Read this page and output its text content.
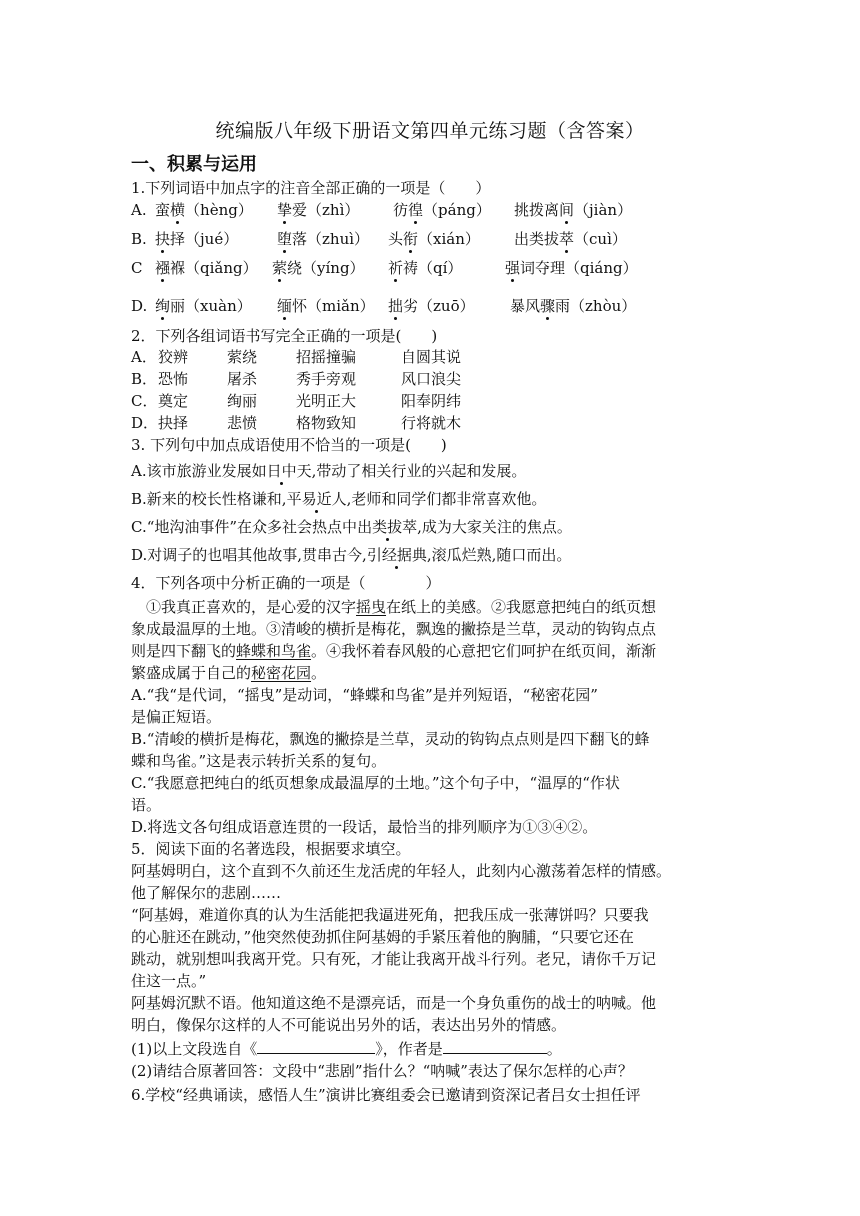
统编版八年级下册语文第四单元练习题（含答案）
一、积累与运用
1.下列词语中加点字的注音全部正确的一项是（　　）
A. 蛮横（hèng） 挚爱（zhì） 彷徨（páng） 挑拨离间（jiàn）
B. 抉择（jué）	堕落（zhuì） 头衔（xián） 出类拔萃（cuì）
C 襁褓（qiǎng） 萦绕（yíng） 祈祷（qí）	强词夺理（qiáng）
D. 绚丽（xuàn） 缅怀（miǎn） 拙劣（zuō） 暴风骤雨（zhòu）
2．下列各组词语书写完全正确的一项是(　　)
A． 狡辨	萦绕	招摇撞骗	自圆其说
B． 恐怖	屠杀	秀手旁观	风口浪尖
C． 奠定	绚丽	光明正大	阳奉阴纬
D． 抉择	悲愤	格物致知	行将就木
3. 下列句中加点成语使用不恰当的一项是(　　)
A.该市旅游业发展如日中天,带动了相关行业的兴起和发展。
B.新来的校长性格谦和,平易近人,老师和同学们都非常喜欢他。
C.“地沟油事件”在众多社会热点中出类拔萃,成为大家关注的焦点。
D.对调子的也唱其他故事,贯串古今,引经据典,滚瓜烂熟,随口而出。
4．下列各项中分析正确的一项是（　　　　）
　①我真正喜欢的，是心爱的汉字摇曳在纸上的美感。②我愿意把纯白的纸页想
象成最温厚的土地。③清峻的横折是梅花，飘逸的撇捺是兰草，灵动的钩钩点点
则是四下翻飞的蜂蝶和鸟雀。④我怀着春风般的心意把它们呵护在纸页间，渐渐
繁盛成属于自己的秘密花园。
A.“我“是代词，“摇曳”是动词，“蜂蝶和鸟雀”是并列短语，“秘密花园”
是偏正短语。
B.“清峻的横折是梅花，飘逸的撇捺是兰草，灵动的钩钩点点则是四下翻飞的蜂
蝶和鸟雀。”这是表示转折关系的复句。
C.“我愿意把纯白的纸页想象成最温厚的土地。”这个句子中，“温厚的“作状
语。
D.将选文各句组成语意连贯的一段话，最恰当的排列顺序为①③④②。
5．阅读下面的名著选段，根据要求填空。
阿基姆明白，这个直到不久前还生龙活虎的年轻人，此刻内心激荡着怎样的情感。
他了解保尔的悲剧……
“阿基姆，难道你真的认为生活能把我逼进死角，把我压成一张薄饼吗？只要我
的心脏还在跳动，”他突然使劲抓住阿基姆的手紧压着他的胸脯，“只要它还在
跳动，就别想叫我离开党。只有死，才能让我离开战斗行列。老兄，请你千万记
住这一点。”
阿基姆沉默不语。他知道这绝不是漂亮话，而是一个身负重伤的战士的呐喊。他
明白，像保尔这样的人不可能说出另外的话，表达出另外的情感。
(1)以上文段选自《	》，作者是	。
(2)请结合原著回答：文段中“悲剧”指什么？“呐喊”表达了保尔怎样的心声？
6.学校“经典诵读，感悟人生”演讲比赛组委会已邀请到资深记者吕女士担任评
